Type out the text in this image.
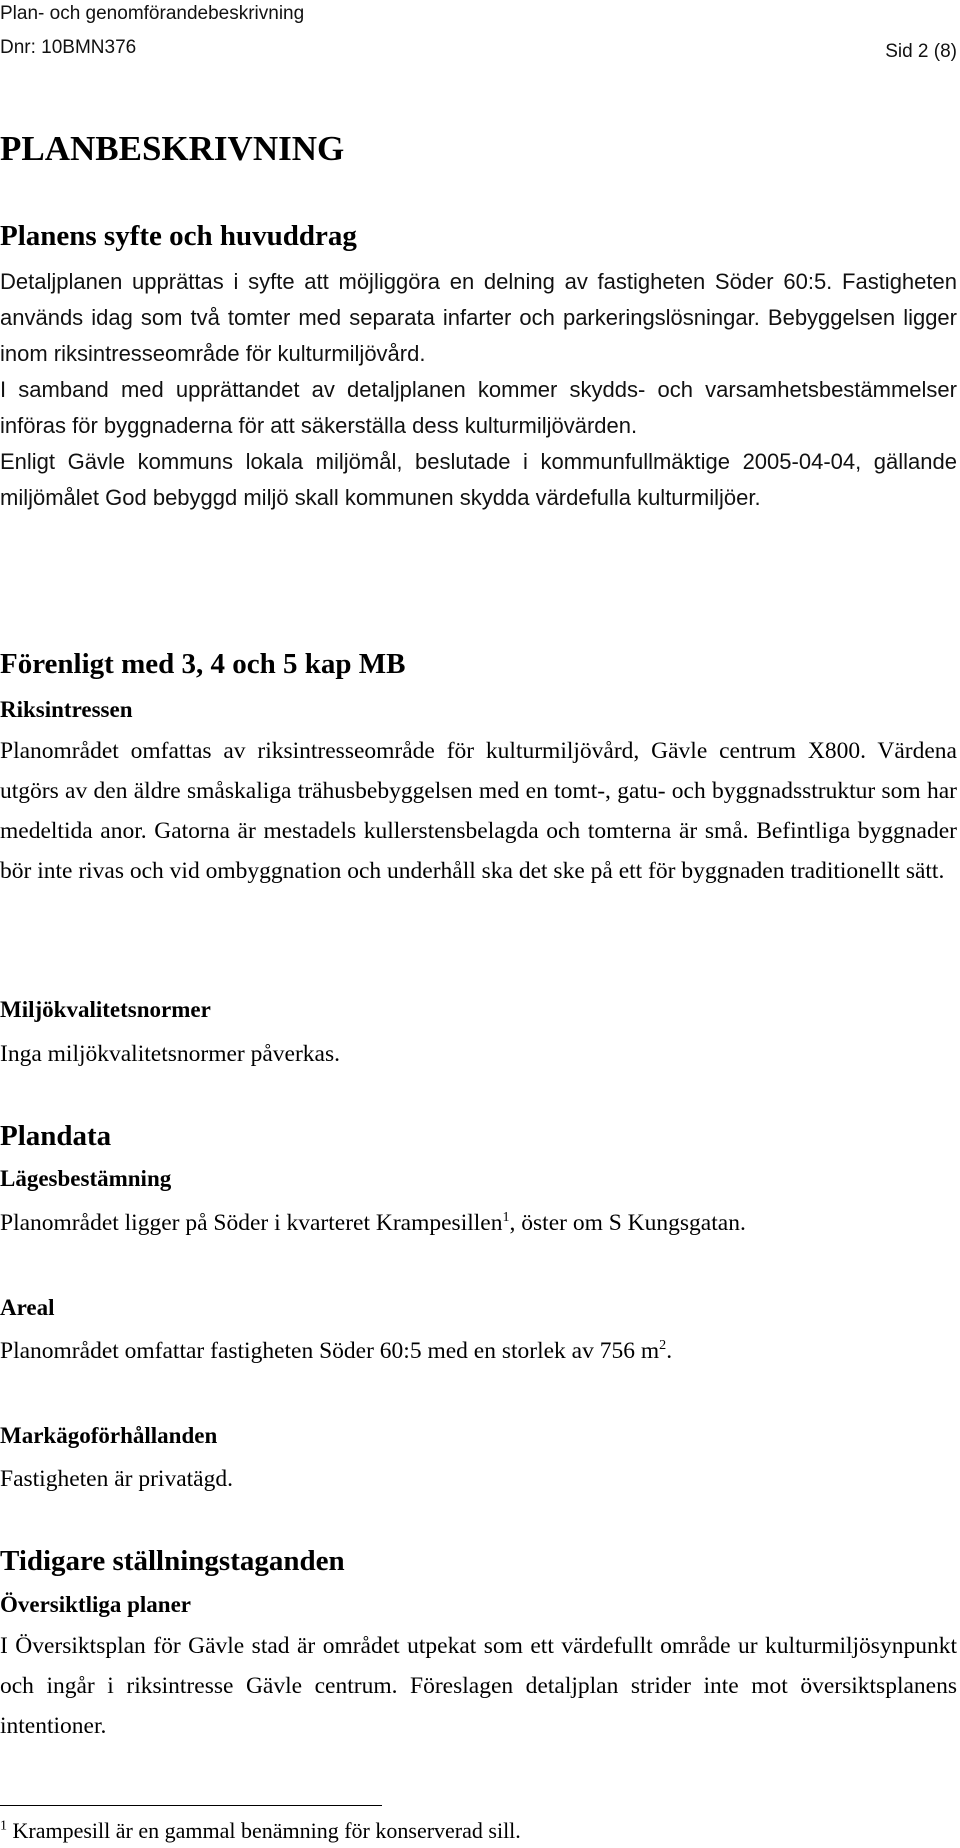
Plan- och genomförandebeskrivning
Dnr: 10BMN376	Sid 2 (8)
PLANBESKRIVNING
Planens syfte och huvuddrag

Detaljplanen upprättas i syfte att möjliggöra en delning av fastigheten Söder 60:5. Fastigheten används idag som två tomter med separata infarter och parkeringslösningar. Bebyggelsen ligger inom riksintresseområde för kulturmiljövård.

I samband med upprättandet av detaljplanen kommer skydds- och varsamhetsbestämmelser införas för byggnaderna för att säkerställa dess kulturmiljövärden.

Enligt Gävle kommuns lokala miljömål, beslutade i kommunfullmäktige 2005-04-04, gällande miljömålet God bebyggd miljö skall kommunen skydda värdefulla kulturmiljöer.

Förenligt med 3, 4 och 5 kap MB
Riksintressen

Planområdet omfattas av riksintresseområde för kulturmiljövård, Gävle centrum X800. Värdena utgörs av den äldre småskaliga trähusbebyggelsen med en tomt-, gatu- och byggnadsstruktur som har medeltida anor. Gatorna är mestadels kullerstensbelagda och tomterna är små. Befintliga byggnader bör inte rivas och vid ombyggnation och underhåll ska det ske på ett för byggnaden traditionellt sätt.

Miljökvalitetsnormer

Inga miljökvalitetsnormer påverkas.

Plandata
Lägesbestämning

Planområdet ligger på Söder i kvarteret Krampesillen$^1$, öster om S Kungsgatan.

Areal

Planområdet omfattar fastigheten Söder 60:5 med en storlek av 756 $m^2$.

Markägoförhållanden

Fastigheten är privatägd.

Tidigare ställningstaganden
Översiktliga planer

I Översiktsplan för Gävle stad är området utpekat som ett värdefullt område ur kulturmiljösynpunkt och ingår i riksintresse Gävle centrum. Föreslagen detaljplan strider inte mot översiktsplanens intentioner.

$^1$ Krampesill är en gammal benämning för konserverad sill.
